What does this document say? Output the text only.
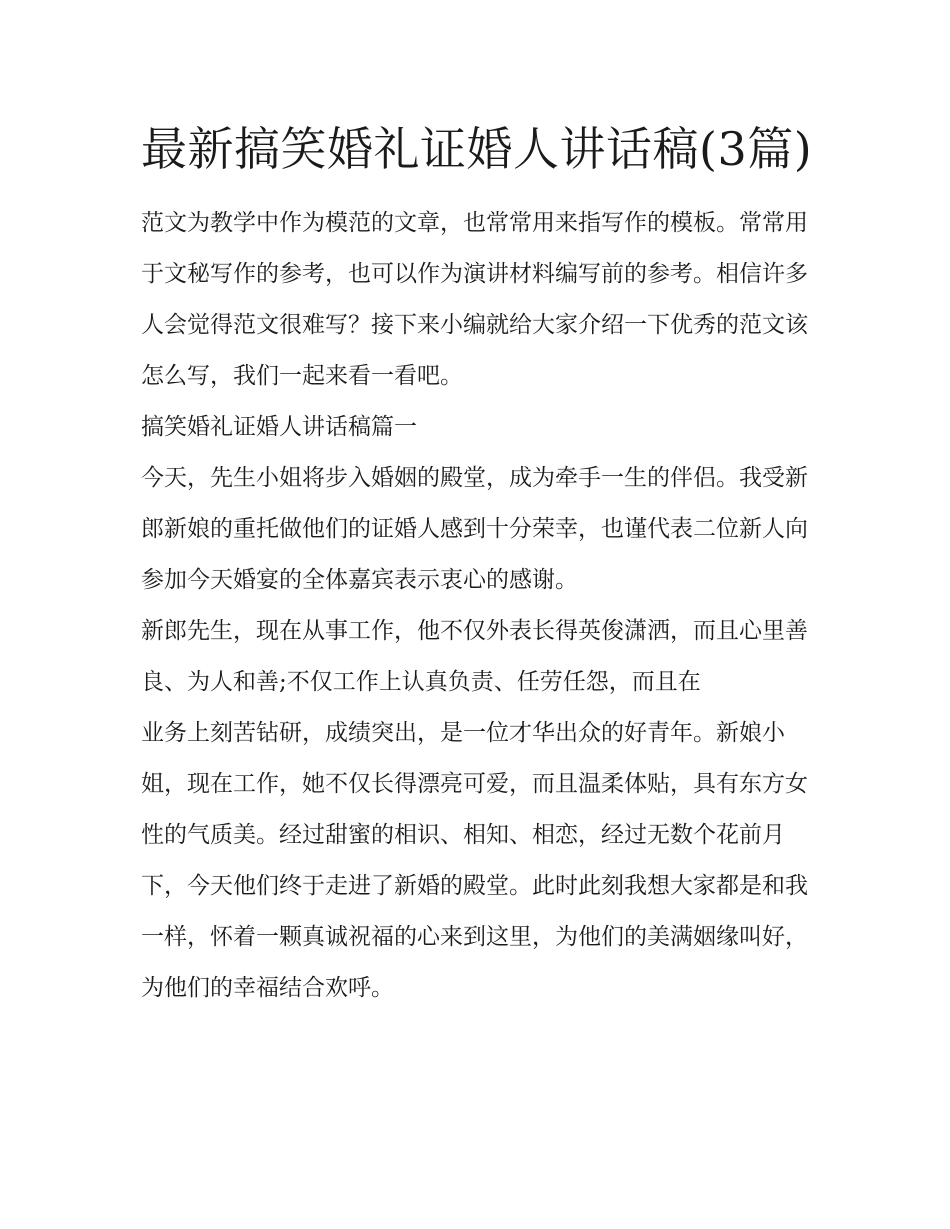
最新搞笑婚礼证婚人讲话稿(3篇)

范文为教学中作为模范的文章，也常常用来指写作的模板。常常用于文秘写作的参考，也可以作为演讲材料编写前的参考。相信许多人会觉得范文很难写？接下来小编就给大家介绍一下优秀的范文该怎么写，我们一起来看一看吧。

搞笑婚礼证婚人讲话稿篇一

今天，先生小姐将步入婚姻的殿堂，成为牵手一生的伴侣。我受新郎新娘的重托做他们的证婚人感到十分荣幸，也谨代表二位新人向参加今天婚宴的全体嘉宾表示衷心的感谢。

新郎先生，现在从事工作，他不仅外表长得英俊潇洒，而且心里善良、为人和善;不仅工作上认真负责、任劳任怨，而且在

业务上刻苦钻研，成绩突出，是一位才华出众的好青年。新娘小姐，现在工作，她不仅长得漂亮可爱，而且温柔体贴，具有东方女性的气质美。经过甜蜜的相识、相知、相恋，经过无数个花前月下，今天他们终于走进了新婚的殿堂。此时此刻我想大家都是和我一样，怀着一颗真诚祝福的心来到这里，为他们的美满姻缘叫好，为他们的幸福结合欢呼。
